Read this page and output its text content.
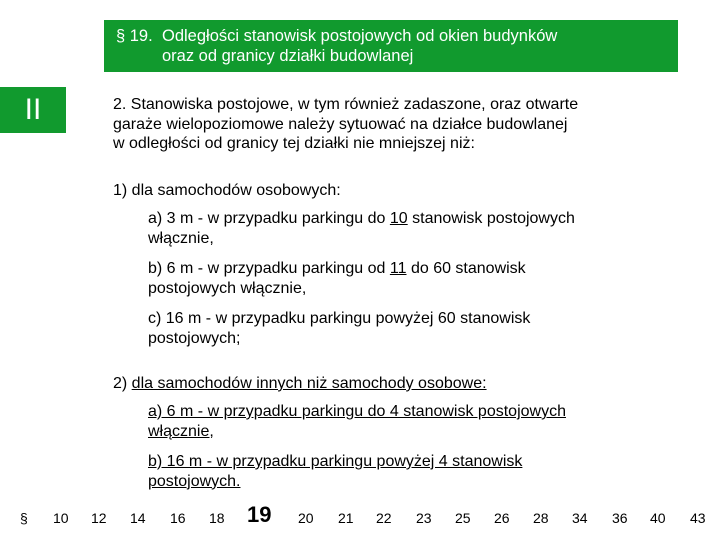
§ 19. Odległości stanowisk postojowych od okien budynków
oraz od granicy działki budowlanej
II	2. Stanowiska postojowe, w tym również zadaszone, oraz otwarte
garaże wielopoziomowe należy sytuować na działce budowlanej
w odległości od granicy tej działki nie mniejszej niż:
1) dla samochodów osobowych:
a) 3 m - w przypadku parkingu do 10 stanowisk postojowych
włącznie,
b) 6 m - w przypadku parkingu od 11 do 60 stanowisk
postojowych włącznie,
c) 16 m - w przypadku parkingu powyżej 60 stanowisk
postojowych;
2) dla samochodów innych niż samochody osobowe:
a) 6 m - w przypadku parkingu do 4 stanowisk postojowych
włącznie,
b) 16 m - w przypadku parkingu powyżej 4 stanowisk
postojowych.
§ 10 12 14 16 18 19 20 21 22 23 25 26 28 34 36 40 43
